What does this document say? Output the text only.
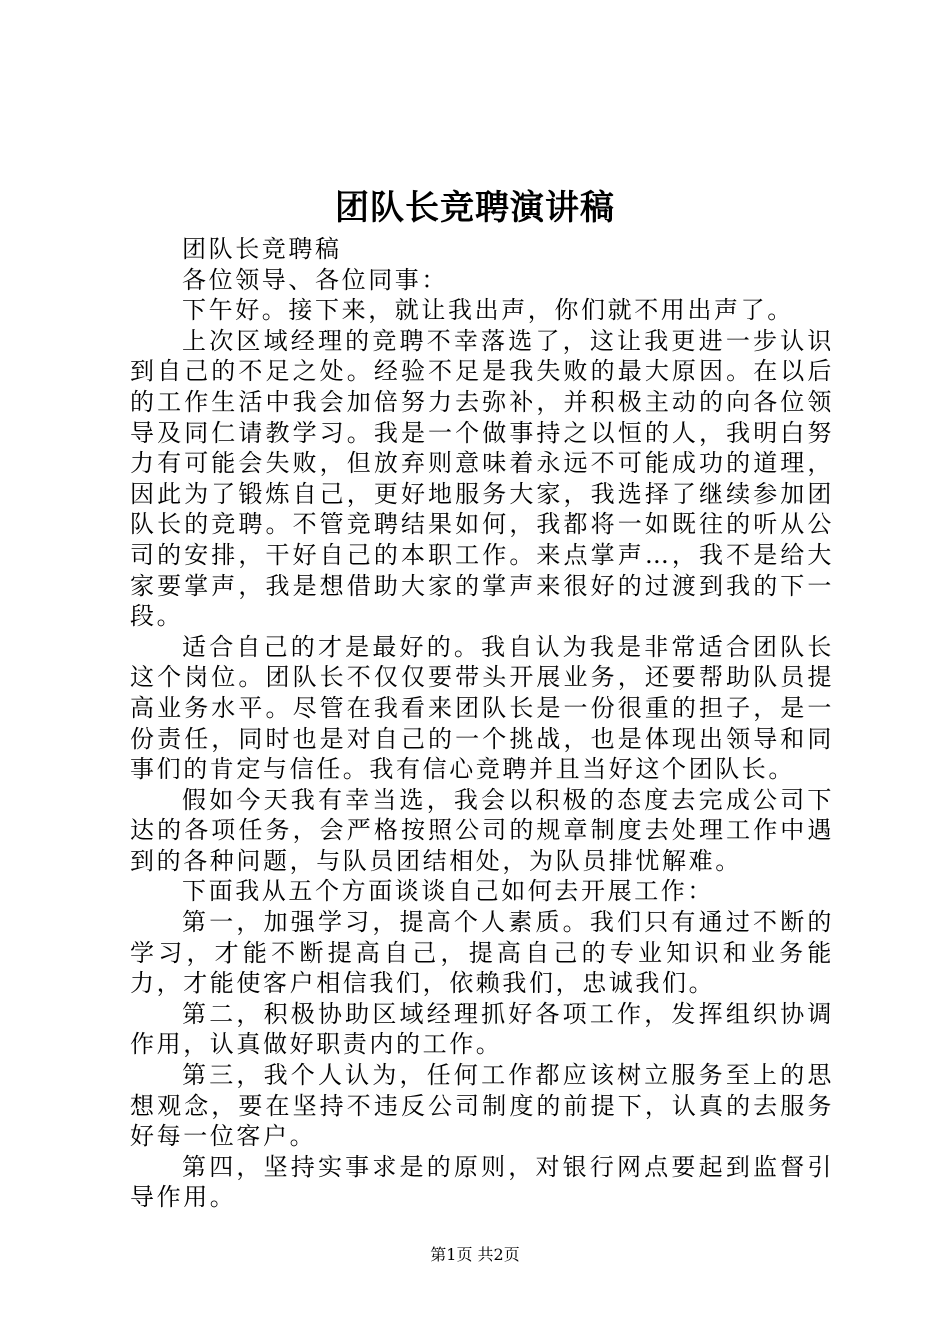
团队长竞聘演讲稿

团队长竞聘稿

各位领导、各位同事：

下午好。接下来，就让我出声，你们就不用出声了。

上次区域经理的竞聘不幸落选了，这让我更进一步认识到自己的不足之处。经验不足是我失败的最大原因。在以后的工作生活中我会加倍努力去弥补，并积极主动的向各位领导及同仁请教学习。我是一个做事持之以恒的人，我明白努力有可能会失败，但放弃则意味着永远不可能成功的道理，因此为了锻炼自己，更好地服务大家，我选择了继续参加团队长的竞聘。不管竞聘结果如何，我都将一如既往的听从公司的安排，干好自己的本职工作。来点掌声…，我不是给大家要掌声，我是想借助大家的掌声来很好的过渡到我的下一段。

适合自己的才是最好的。我自认为我是非常适合团队长这个岗位。团队长不仅仅要带头开展业务，还要帮助队员提高业务水平。尽管在我看来团队长是一份很重的担子，是一份责任，同时也是对自己的一个挑战，也是体现出领导和同事们的肯定与信任。我有信心竞聘并且当好这个团队长。

假如今天我有幸当选，我会以积极的态度去完成公司下达的各项任务，会严格按照公司的规章制度去处理工作中遇到的各种问题，与队员团结相处，为队员排忧解难。

下面我从五个方面谈谈自己如何去开展工作：

第一，加强学习，提高个人素质。我们只有通过不断的学习，才能不断提高自己，提高自己的专业知识和业务能力，才能使客户相信我们，依赖我们，忠诚我们。

第二，积极协助区域经理抓好各项工作，发挥组织协调作用，认真做好职责内的工作。

第三，我个人认为，任何工作都应该树立服务至上的思想观念，要在坚持不违反公司制度的前提下，认真的去服务好每一位客户。

第四，坚持实事求是的原则，对银行网点要起到监督引导作用。

第1页 共2页
